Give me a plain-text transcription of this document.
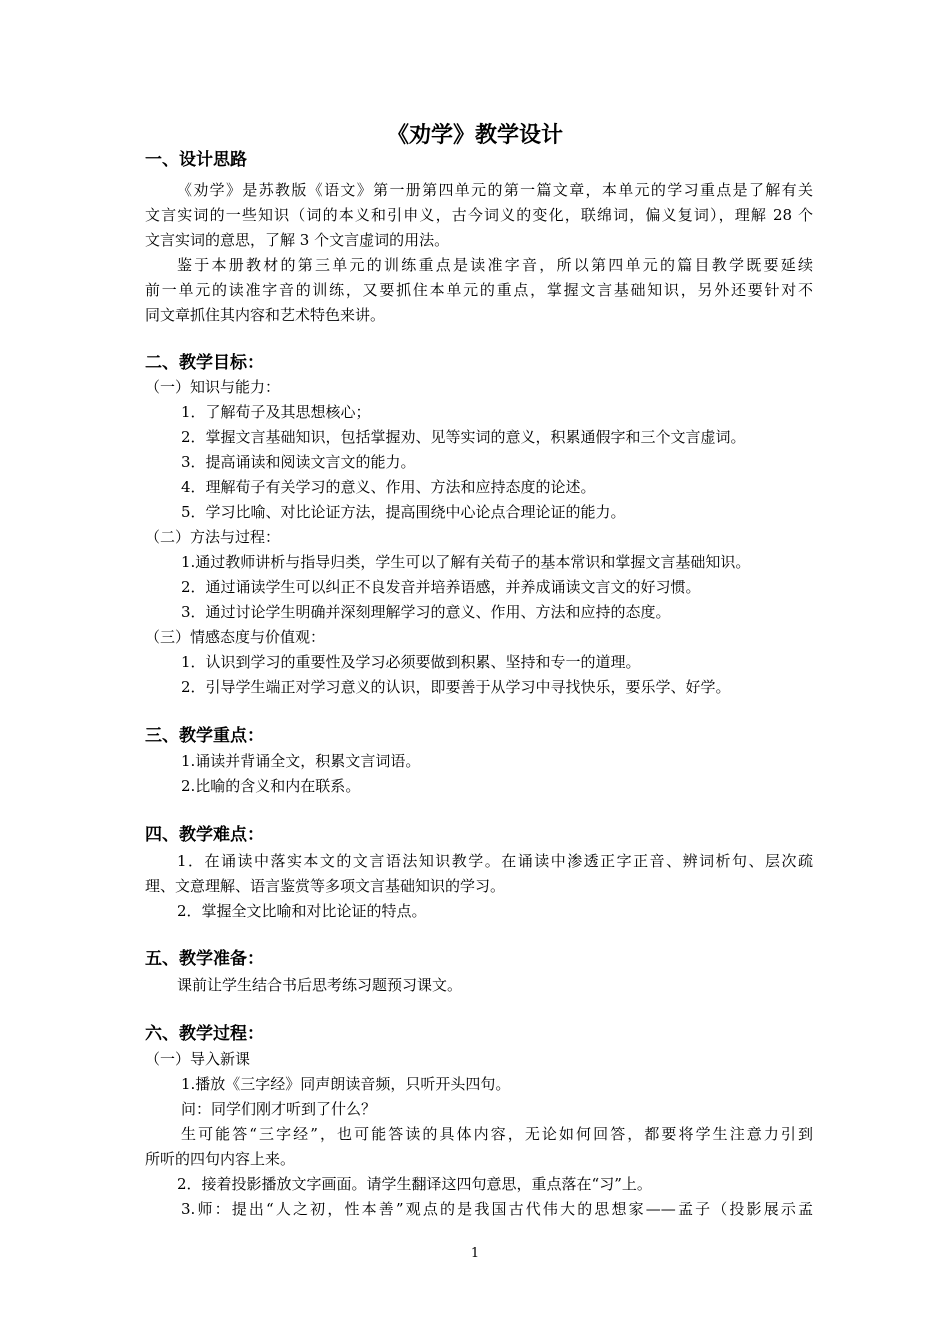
《劝学》教学设计
一、设计思路
《劝学》是苏教版《语文》第一册第四单元的第一篇文章，本单元的学习重点是了解有关
文言实词的一些知识（词的本义和引申义，古今词义的变化，联绵词，偏义复词），理解 28 个
文言实词的意思，了解 3 个文言虚词的用法。
鉴于本册教材的第三单元的训练重点是读准字音，所以第四单元的篇目教学既要延续
前一单元的读准字音的训练，又要抓住本单元的重点，掌握文言基础知识，另外还要针对不
同文章抓住其内容和艺术特色来讲。
二、教学目标：
（一）知识与能力：
1．了解荀子及其思想核心；
2．掌握文言基础知识，包括掌握劝、见等实词的意义，积累通假字和三个文言虚词。
3．提高诵读和阅读文言文的能力。
4．理解荀子有关学习的意义、作用、方法和应持态度的论述。
5．学习比喻、对比论证方法，提高围绕中心论点合理论证的能力。
（二）方法与过程：
1.通过教师讲析与指导归类，学生可以了解有关荀子的基本常识和掌握文言基础知识。
2．通过诵读学生可以纠正不良发音并培养语感，并养成诵读文言文的好习惯。
3．通过讨论学生明确并深刻理解学习的意义、作用、方法和应持的态度。
（三）情感态度与价值观：
1．认识到学习的重要性及学习必须要做到积累、坚持和专一的道理。
2．引导学生端正对学习意义的认识，即要善于从学习中寻找快乐，要乐学、好学。
三、教学重点：
1.诵读并背诵全文，积累文言词语。
2.比喻的含义和内在联系。
四、教学难点：
1．在诵读中落实本文的文言语法知识教学。在诵读中渗透正字正音、辨词析句、层次疏
理、文意理解、语言鉴赏等多项文言基础知识的学习。
2．掌握全文比喻和对比论证的特点。
五、教学准备：
课前让学生结合书后思考练习题预习课文。
六、教学过程：
（一）导入新课
1.播放《三字经》同声朗读音频，只听开头四句。
问：同学们刚才听到了什么？
生可能答“三字经”，也可能答读的具体内容，无论如何回答，都要将学生注意力引到
所听的四句内容上来。
2．接着投影播放文字画面。请学生翻译这四句意思，重点落在“习”上。
3.师：提出“人之初，性本善”观点的是我国古代伟大的思想家——孟子（投影展示孟
1
